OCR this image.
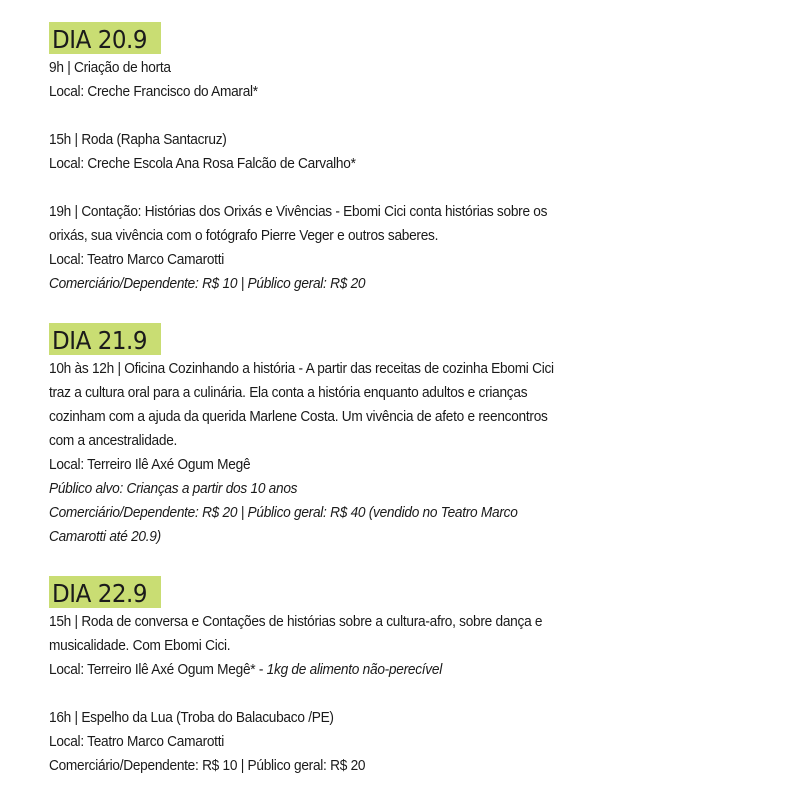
DIA 20.9
9h | Criação de horta
Local: Creche Francisco do Amaral*
15h | Roda (Rapha Santacruz)
Local: Creche Escola Ana Rosa Falcão de Carvalho*
19h | Contação: Histórias dos Orixás e Vivências - Ebomi Cici conta histórias sobre os
orixás, sua vivência com o fotógrafo Pierre Veger e outros saberes.
Local: Teatro Marco Camarotti
Comerciário/Dependente: R$ 10 | Público geral: R$ 20
DIA 21.9
10h às 12h | Oficina Cozinhando a história - A partir das receitas de cozinha Ebomi Cici
traz a cultura oral para a culinária. Ela conta a história enquanto adultos e crianças
cozinham com a ajuda da querida Marlene Costa. Um vivência de afeto e reencontros
com a ancestralidade.
Local: Terreiro Ilê Axé Ogum Megê
Público alvo: Crianças a partir dos 10 anos
Comerciário/Dependente: R$ 20 | Público geral: R$ 40 (vendido no Teatro Marco
Camarotti até 20.9)
DIA 22.9
15h | Roda de conversa e Contações de histórias sobre a cultura-afro, sobre dança e
musicalidade. Com Ebomi Cici.
Local: Terreiro Ilê Axé Ogum Megê* - 1kg de alimento não-perecível
16h | Espelho da Lua (Troba do Balacubaco /PE)
Local: Teatro Marco Camarotti
Comerciário/Dependente: R$ 10 | Público geral: R$ 20
